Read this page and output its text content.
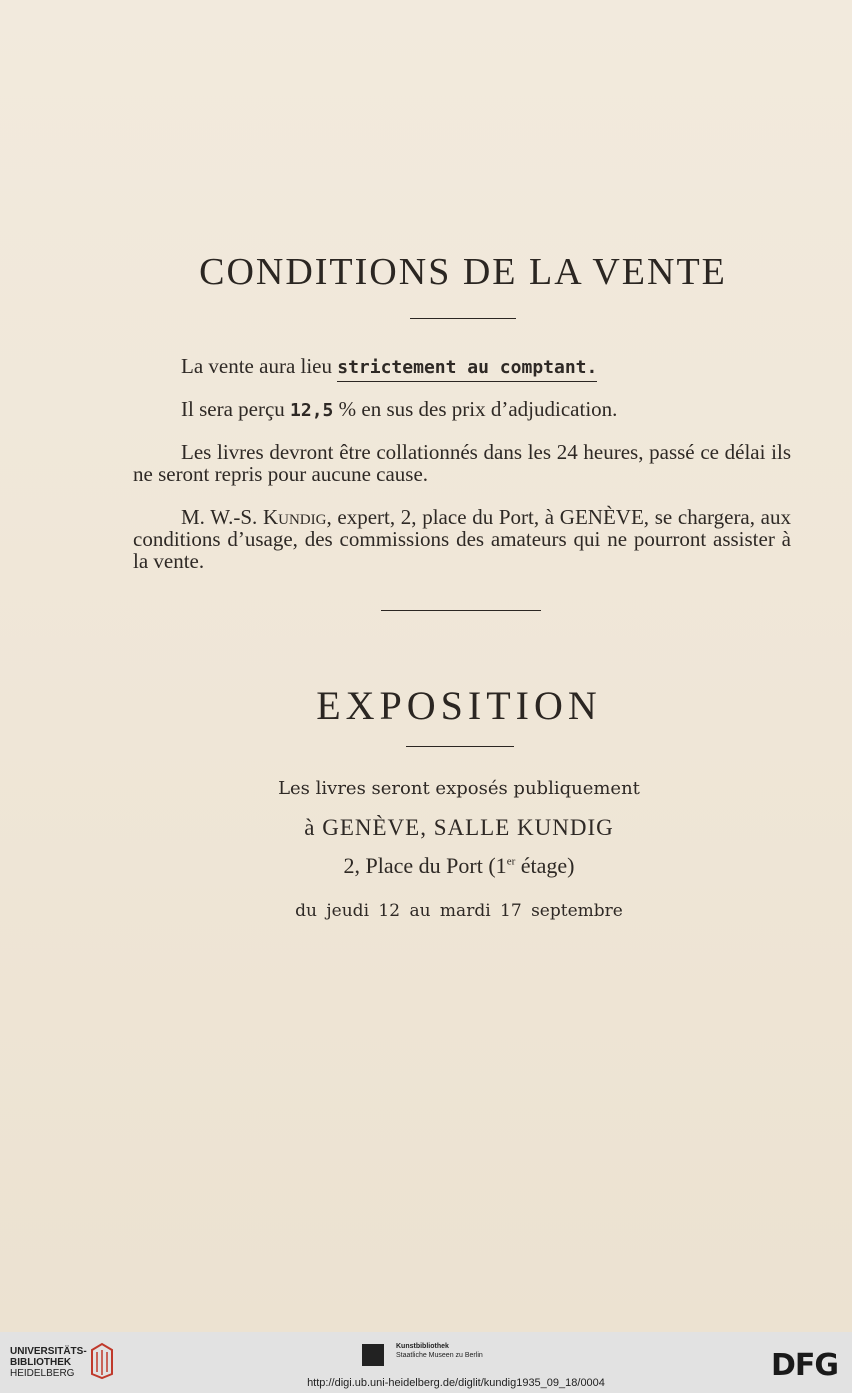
CONDITIONS DE LA VENTE
La vente aura lieu strictement au comptant.
Il sera perçu 12,5 % en sus des prix d’adjudication.
Les livres devront être collationnés dans les 24 heures, passé ce délai ils ne seront repris pour aucune cause.
M. W.-S. Kundig, expert, 2, place du Port, à GENÈVE, se chargera, aux conditions d’usage, des commissions des amateurs qui ne pourront assister à la vente.
EXPOSITION
Les livres seront exposés publiquement
à GENÈVE, SALLE KUNDIG
2, Place du Port (1er étage)
du jeudi 12 au mardi 17 septembre
UNIVERSITÄTS-
BIBLIOTHEK
HEIDELBERG
Kunstbibliothek
Staatliche Museen zu Berlin	DFG
http://digi.ub.uni-heidelberg.de/diglit/kundig1935_09_18/0004
